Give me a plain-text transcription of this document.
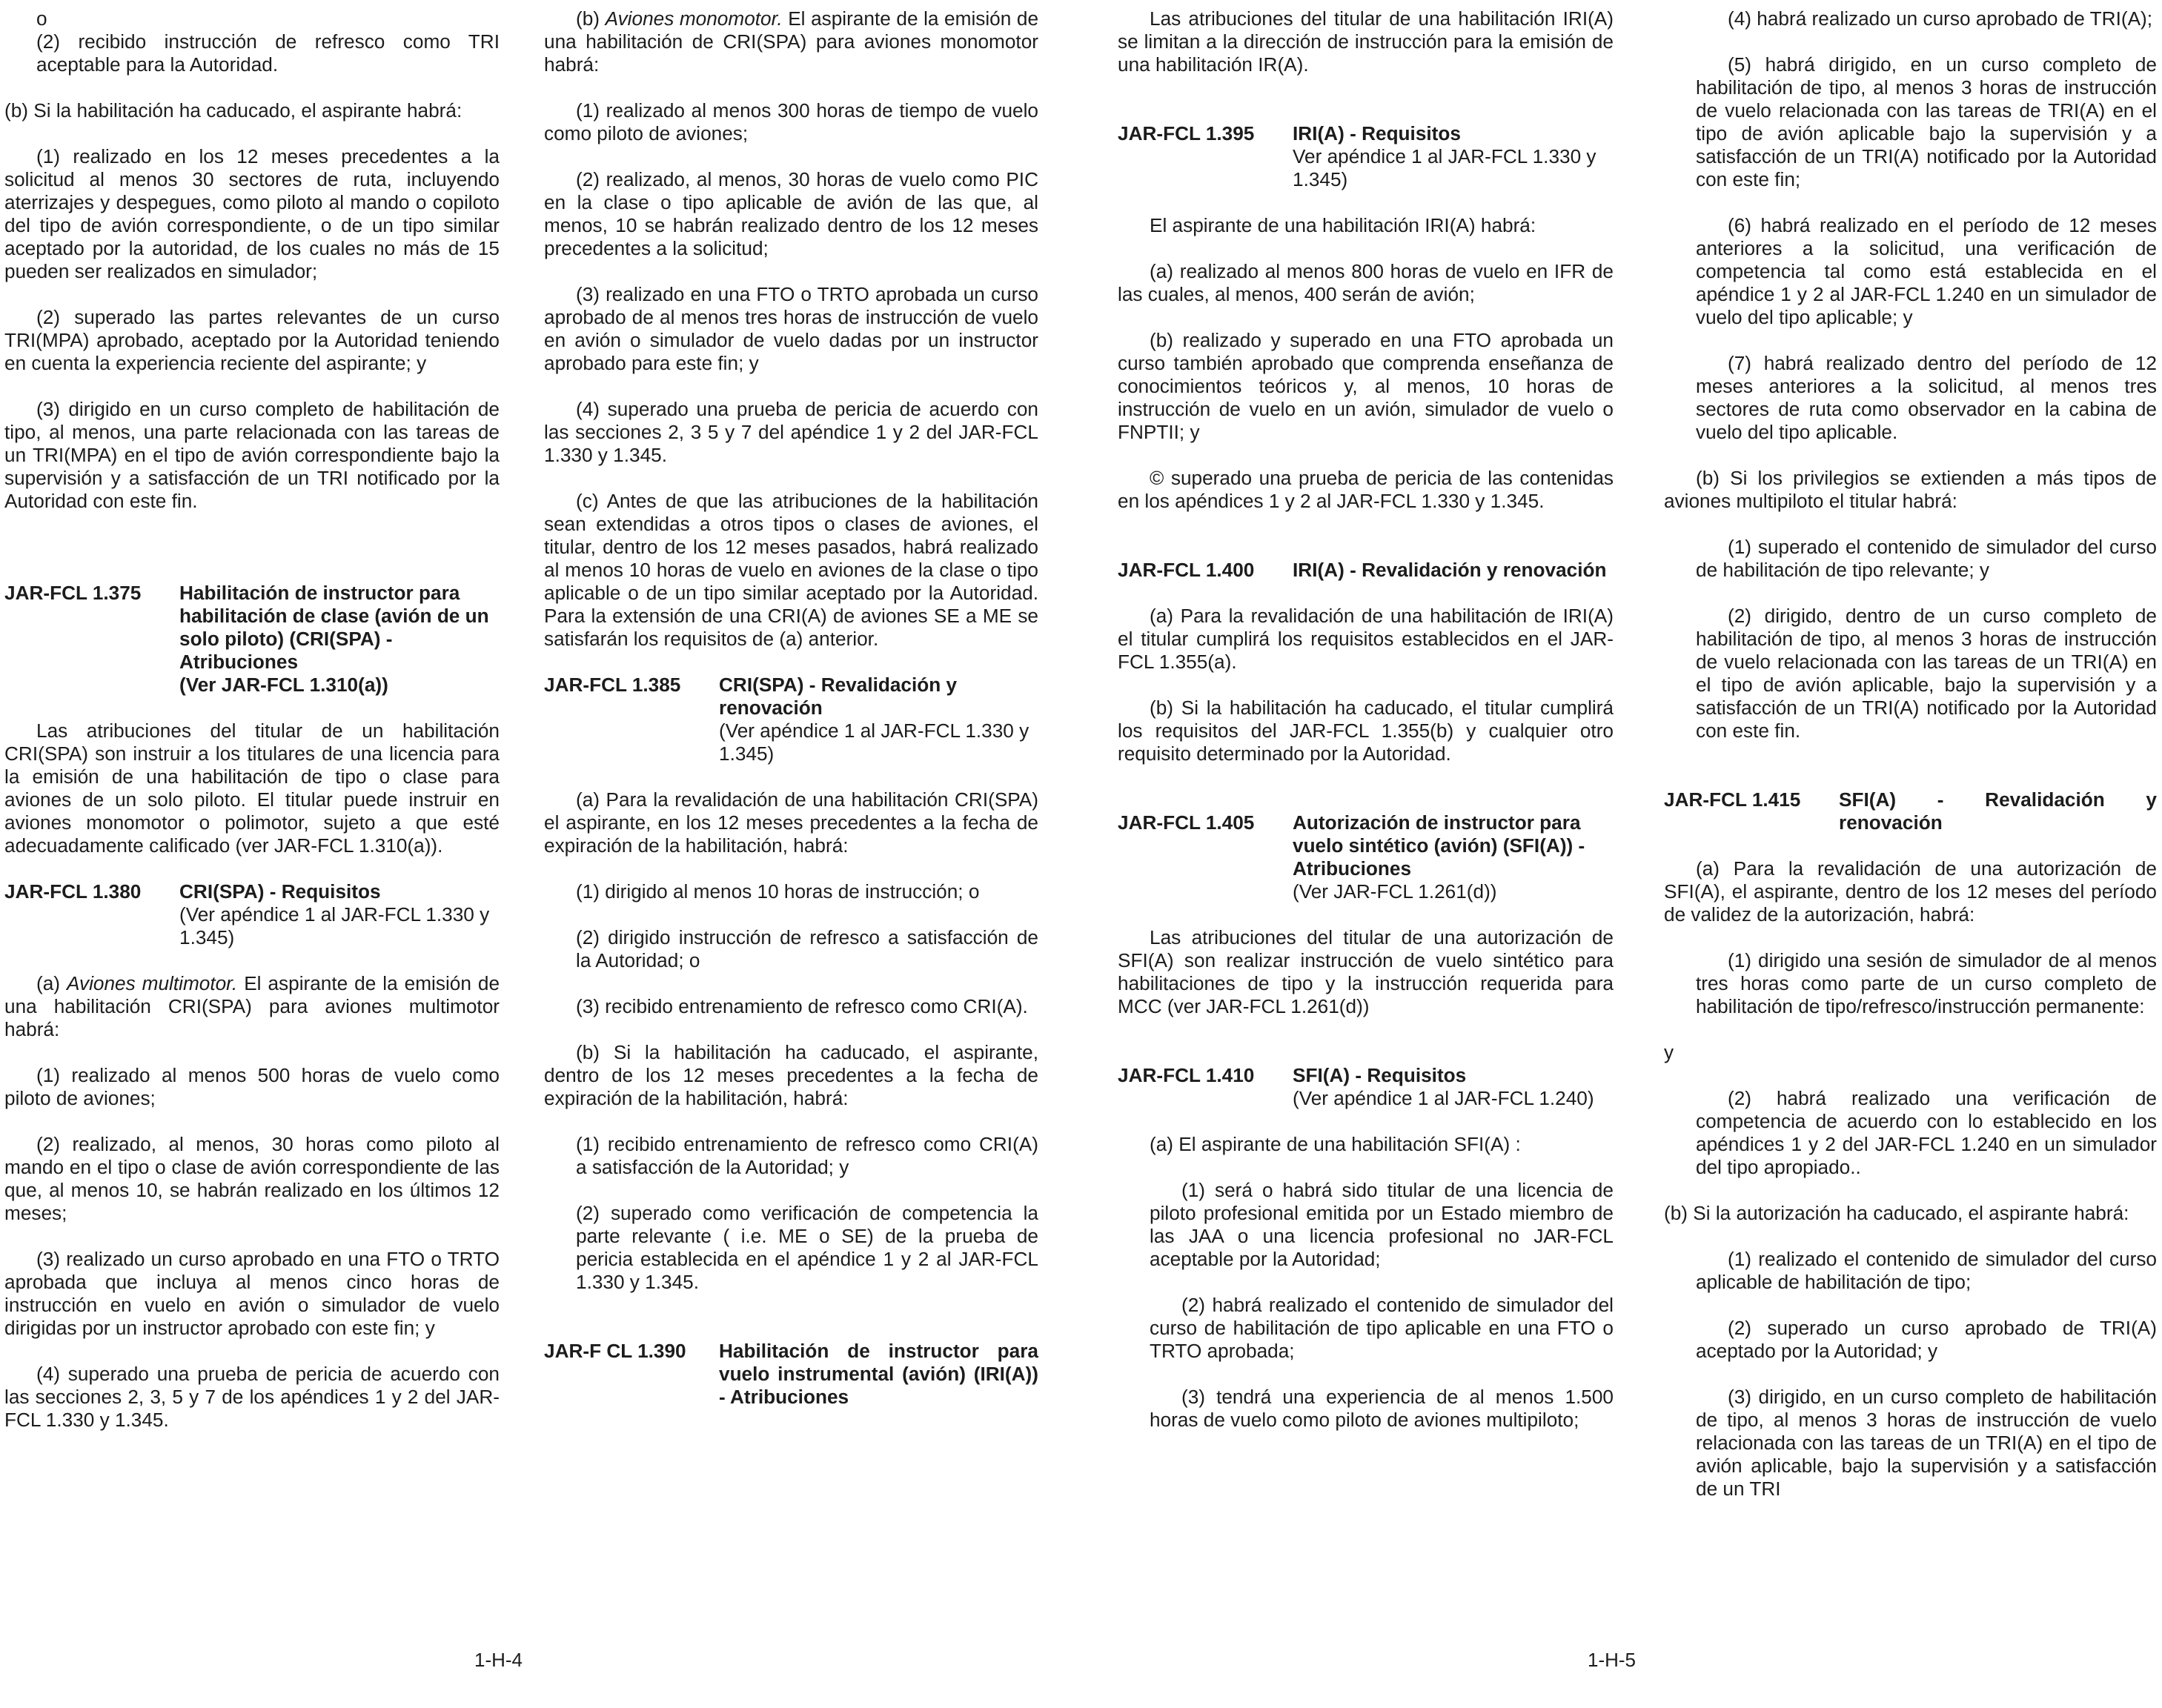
o
(2) recibido instrucción de refresco como TRI aceptable para la Autoridad.
(b) Si la habilitación ha caducado, el aspirante habrá:
(1) realizado en los 12 meses precedentes a la solicitud al menos 30 sectores de ruta, incluyendo aterrizajes y despegues, como piloto al mando o copiloto del tipo de avión correspondiente, o de un tipo similar aceptado por la autoridad, de los cuales no más de 15 pueden ser realizados en simulador;
(2) superado las partes relevantes de un curso TRI(MPA) aprobado, aceptado por la Autoridad teniendo en cuenta la experiencia reciente del aspirante; y
(3) dirigido en un curso completo de habilitación de tipo, al menos, una parte relacionada con las tareas de un TRI(MPA) en el tipo de avión correspondiente bajo la supervisión y a satisfacción de un TRI notificado por la Autoridad con este fin.
JAR-FCL 1.375	Habilitación de instructor para habilitación de clase (avión de un solo piloto) (CRI(SPA) - Atribuciones
(Ver JAR-FCL 1.310(a))
Las atribuciones del titular de un habilitación CRI(SPA) son instruir a los titulares de una licencia para la emisión de una habilitación de tipo o clase para aviones de un solo piloto. El titular puede instruir en aviones monomotor o polimotor, sujeto a que esté adecuadamente calificado (ver JAR-FCL 1.310(a)).
JAR-FCL 1.380	CRI(SPA) - Requisitos
(Ver apéndice 1 al JAR-FCL 1.330 y 1.345)
(a) Aviones multimotor. El aspirante de la emisión de una habilitación CRI(SPA) para aviones multimotor habrá:
(1) realizado al menos 500 horas de vuelo como piloto de aviones;
(2) realizado, al menos, 30 horas como piloto al mando en el tipo o clase de avión correspondiente de las que, al menos 10, se habrán realizado en los últimos 12 meses;
(3) realizado un curso aprobado en una FTO o TRTO aprobada que incluya al menos cinco horas de instrucción en vuelo en avión o simulador de vuelo dirigidas por un instructor aprobado con este fin; y
(4) superado una prueba de pericia de acuerdo con las secciones 2, 3, 5 y 7 de los apéndices 1 y 2 del JAR-FCL 1.330 y 1.345.
(b) Aviones monomotor. El aspirante de la emisión de una habilitación de CRI(SPA) para aviones monomotor habrá:
(1) realizado al menos 300 horas de tiempo de vuelo como piloto de aviones;
(2) realizado, al menos, 30 horas de vuelo como PIC en la clase o tipo aplicable de avión de las que, al menos, 10 se habrán realizado dentro de los 12 meses precedentes a la solicitud;
(3) realizado en una FTO o TRTO aprobada un curso aprobado de al menos tres horas de instrucción de vuelo en avión o simulador de vuelo dadas por un instructor aprobado para este fin; y
(4) superado una prueba de pericia de acuerdo con las secciones 2, 3 5 y 7 del apéndice 1 y 2 del JAR-FCL 1.330 y 1.345.
(c) Antes de que las atribuciones de la habilitación sean extendidas a otros tipos o clases de aviones, el titular, dentro de los 12 meses pasados, habrá realizado al menos 10 horas de vuelo en aviones de la clase o tipo aplicable o de un tipo similar aceptado por la Autoridad. Para la extensión de una CRI(A) de aviones SE a ME se satisfarán los requisitos de (a) anterior.
JAR-FCL 1.385	CRI(SPA) - Revalidación y renovación
(Ver apéndice 1 al JAR-FCL 1.330 y 1.345)
(a) Para la revalidación de una habilitación CRI(SPA) el aspirante, en los 12 meses precedentes a la fecha de expiración de la habilitación, habrá:
(1) dirigido al menos 10 horas de instrucción; o
(2) dirigido instrucción de refresco a satisfacción de la Autoridad; o
(3) recibido entrenamiento de refresco como CRI(A).
(b) Si la habilitación ha caducado, el aspirante, dentro de los 12 meses precedentes a la fecha de expiración de la habilitación, habrá:
(1) recibido entrenamiento de refresco como CRI(A) a satisfacción de la Autoridad; y
(2) superado como verificación de competencia la parte relevante ( i.e. ME o SE) de la prueba de pericia establecida en el apéndice 1 y 2 al JAR-FCL 1.330 y 1.345.
JAR-F CL 1.390	Habilitación de instructor para vuelo instrumental (avión) (IRI(A)) - Atribuciones
1-H-4
Las atribuciones del titular de una habilitación IRI(A) se limitan a la dirección de instrucción para la emisión de una habilitación IR(A).
JAR-FCL 1.395	IRI(A) - Requisitos
Ver apéndice 1 al JAR-FCL 1.330 y 1.345)
El aspirante de una habilitación IRI(A) habrá:
(a) realizado al menos 800 horas de vuelo en IFR de las cuales, al menos, 400 serán de avión;
(b) realizado y superado en una FTO aprobada un curso también aprobado que comprenda enseñanza de conocimientos teóricos y, al menos, 10 horas de instrucción de vuelo en un avión, simulador de vuelo o FNPTII; y
© superado una prueba de pericia de las contenidas en los apéndices 1 y 2 al JAR-FCL 1.330 y 1.345.
JAR-FCL 1.400	IRI(A) - Revalidación y renovación
(a) Para la revalidación de una habilitación de IRI(A) el titular cumplirá los requisitos establecidos en el JAR-FCL 1.355(a).
(b) Si la habilitación ha caducado, el titular cumplirá los requisitos del JAR-FCL 1.355(b) y cualquier otro requisito determinado por la Autoridad.
JAR-FCL 1.405	Autorización de instructor para vuelo sintético (avión) (SFI(A)) - Atribuciones
(Ver JAR-FCL 1.261(d))
Las atribuciones del titular de una autorización de SFI(A) son realizar instrucción de vuelo sintético para habilitaciones de tipo y la instrucción requerida para MCC (ver JAR-FCL 1.261(d))
JAR-FCL 1.410	SFI(A) - Requisitos
(Ver apéndice 1 al JAR-FCL 1.240)
(a) El aspirante de una habilitación SFI(A) :
(1) será o habrá sido titular de una licencia de piloto profesional emitida por un Estado miembro de las JAA o una licencia profesional no JAR-FCL aceptable por la Autoridad;
(2) habrá realizado el contenido de simulador del curso de habilitación de tipo aplicable en una FTO o TRTO aprobada;
(3) tendrá una experiencia de al menos 1.500 horas de vuelo como piloto de aviones multipiloto;
(4) habrá realizado un curso aprobado de TRI(A);
(5) habrá dirigido, en un curso completo de habilitación de tipo, al menos 3 horas de instrucción de vuelo relacionada con las tareas de TRI(A) en el tipo de avión aplicable bajo la supervisión y a satisfacción de un TRI(A) notificado por la Autoridad con este fin;
(6) habrá realizado en el período de 12 meses anteriores a la solicitud, una verificación de competencia tal como está establecida en el apéndice 1 y 2 al JAR-FCL 1.240 en un simulador de vuelo del tipo aplicable; y
(7) habrá realizado dentro del período de 12 meses anteriores a la solicitud, al menos tres sectores de ruta como observador en la cabina de vuelo del tipo aplicable.
(b) Si los privilegios se extienden a más tipos de aviones multipiloto el titular habrá:
(1) superado el contenido de simulador del curso de habilitación de tipo relevante; y
(2) dirigido, dentro de un curso completo de habilitación de tipo, al menos 3 horas de instrucción de vuelo relacionada con las tareas de un TRI(A) en el tipo de avión aplicable, bajo la supervisión y a satisfacción de un TRI(A) notificado por la Autoridad con este fin.
JAR-FCL 1.415	SFI(A) - Revalidación y renovación
(a) Para la revalidación de una autorización de SFI(A), el aspirante, dentro de los 12 meses del período de validez de la autorización, habrá:
(1) dirigido una sesión de simulador de al menos tres horas como parte de un curso completo de habilitación de tipo/refresco/instrucción permanente:
y
(2) habrá realizado una verificación de competencia de acuerdo con lo establecido en los apéndices 1 y 2 del JAR-FCL 1.240 en un simulador del tipo apropiado..
(b) Si la autorización ha caducado, el aspirante habrá:
(1) realizado el contenido de simulador del curso aplicable de habilitación de tipo;
(2) superado un curso aprobado de TRI(A) aceptado por la Autoridad; y
(3) dirigido, en un curso completo de habilitación de tipo, al menos 3 horas de instrucción de vuelo relacionada con las tareas de un TRI(A) en el tipo de avión aplicable, bajo la supervisión y a satisfacción de un TRI
1-H-5
